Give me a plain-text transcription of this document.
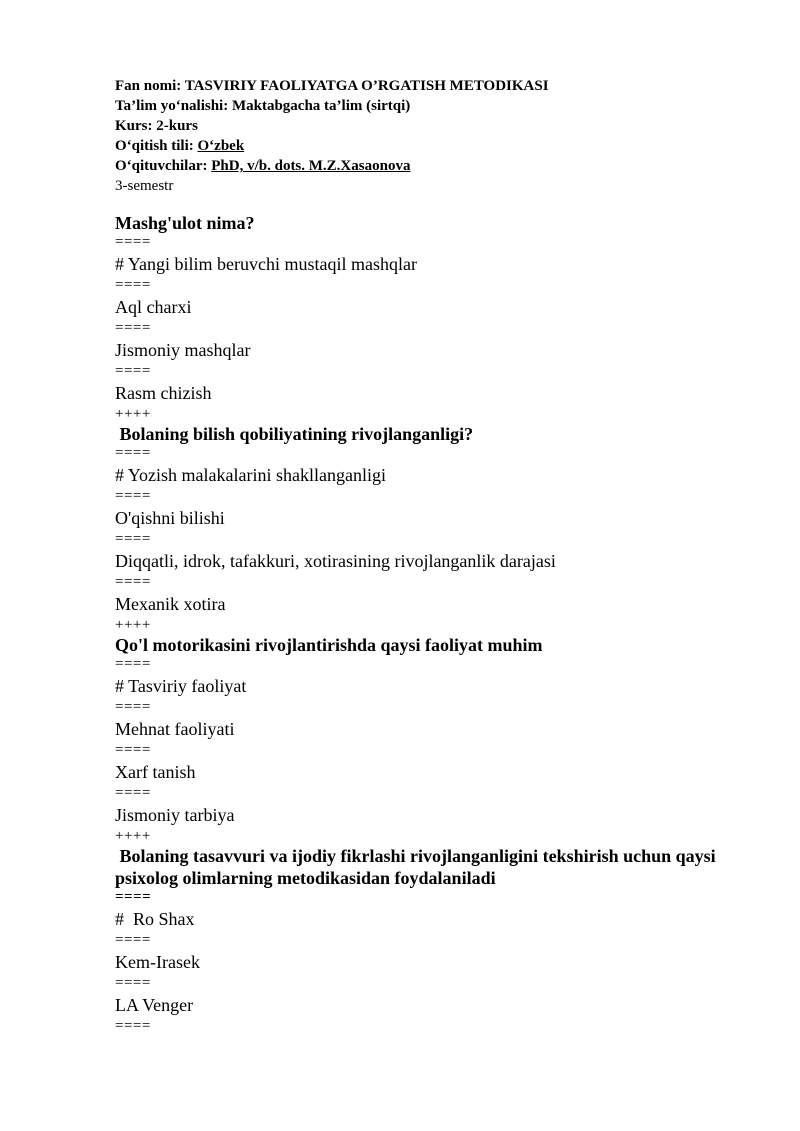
Fan nomi: TASVIRIY FAOLIYATGA O’RGATISH METODIKASI
Ta’lim yo‘nalishi: Maktabgacha ta’lim (sirtqi)
Kurs: 2-kurs
O‘qitish tili: O‘zbek
O‘qituvchilar: PhD, v/b. dots. M.Z.Xasaonova
3-semestr
Mashg'ulot nima?
====
# Yangi bilim beruvchi mustaqil mashqlar
====
Aql charxi
====
Jismoniy mashqlar
====
Rasm chizish
++++
Bolaning bilish qobiliyatining rivojlanganligi?
====
# Yozish malakalarini shakllanganligi
====
O'qishni bilishi
====
Diqqatli, idrok, tafakkuri, xotirasining rivojlanganlik darajasi
====
Mexanik xotira
++++
Qo'l motorikasini rivojlantirishda qaysi faoliyat muhim
====
# Tasviriy faoliyat
====
Mehnat faoliyati
====
Xarf tanish
====
Jismoniy tarbiya
++++
Bolaning tasavvuri va ijodiy fikrlashi rivojlanganligini tekshirish uchun qaysi psixolog olimlarning metodikasidan foydalaniladi
====
#  Ro Shax
====
Kem-Irasek
====
LA Venger
====
